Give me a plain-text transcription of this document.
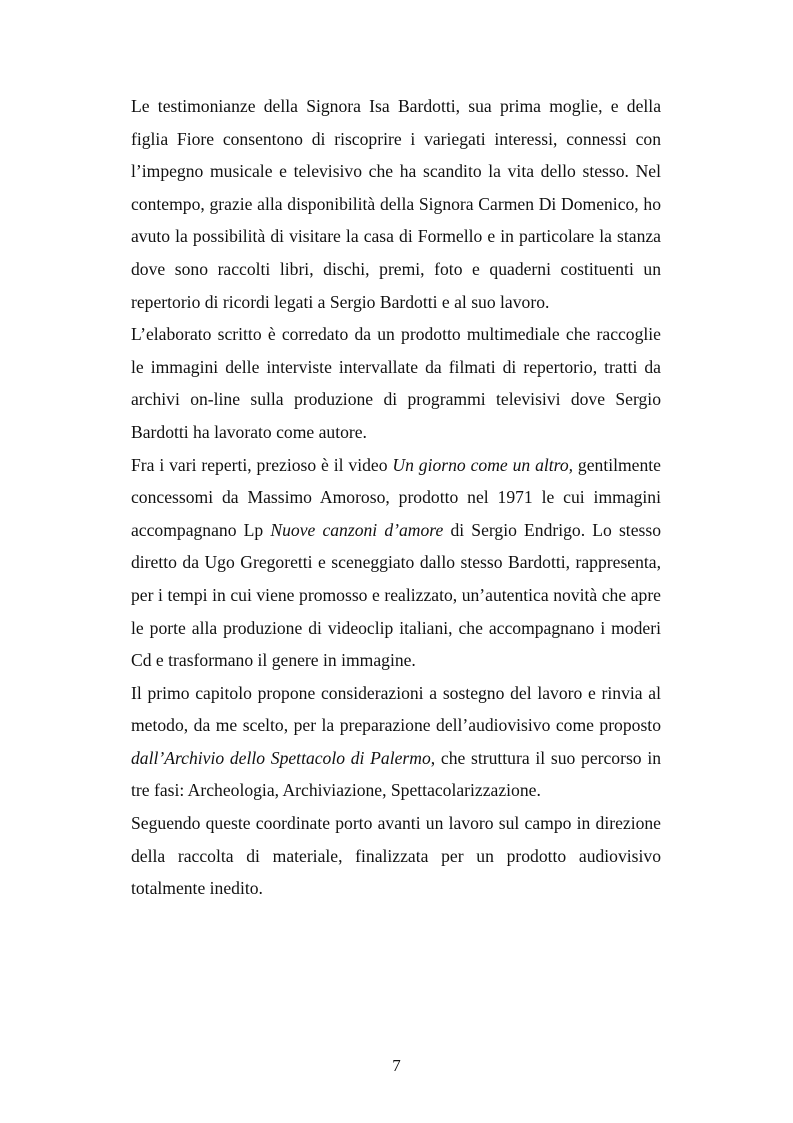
Le testimonianze della Signora Isa Bardotti, sua prima moglie, e della figlia Fiore consentono di riscoprire i variegati interessi, connessi con l’impegno musicale e televisivo che ha scandito la vita dello stesso. Nel contempo, grazie alla disponibilità della Signora Carmen Di Domenico, ho avuto la possibilità di visitare la casa di Formello e in particolare la stanza dove sono raccolti libri, dischi, premi, foto e quaderni costituenti un repertorio di ricordi legati a Sergio Bardotti e al suo lavoro.

L’elaborato scritto è corredato da un prodotto multimediale che raccoglie le immagini delle interviste intervallate da filmati di repertorio, tratti da archivi on-line sulla produzione di programmi televisivi dove Sergio Bardotti ha lavorato come autore.

Fra i vari reperti, prezioso è il video Un giorno come un altro, gentilmente concessomi da Massimo Amoroso, prodotto nel 1971 le cui immagini accompagnano Lp Nuove canzoni d’amore di Sergio Endrigo. Lo stesso diretto da Ugo Gregoretti e sceneggiato dallo stesso Bardotti, rappresenta, per i tempi in cui viene promosso e realizzato, un’autentica novità che apre le porte alla produzione di videoclip italiani, che accompagnano i moderi Cd e trasformano il genere in immagine.

Il primo capitolo propone considerazioni a sostegno del lavoro e rinvia al metodo, da me scelto, per la preparazione dell’audiovisivo come proposto dall’Archivio dello Spettacolo di Palermo, che struttura il suo percorso in tre fasi: Archeologia, Archiviazione, Spettacolarizzazione.

Seguendo queste coordinate porto avanti un lavoro sul campo in direzione della raccolta di materiale, finalizzata per un prodotto audiovisivo totalmente inedito.

7
